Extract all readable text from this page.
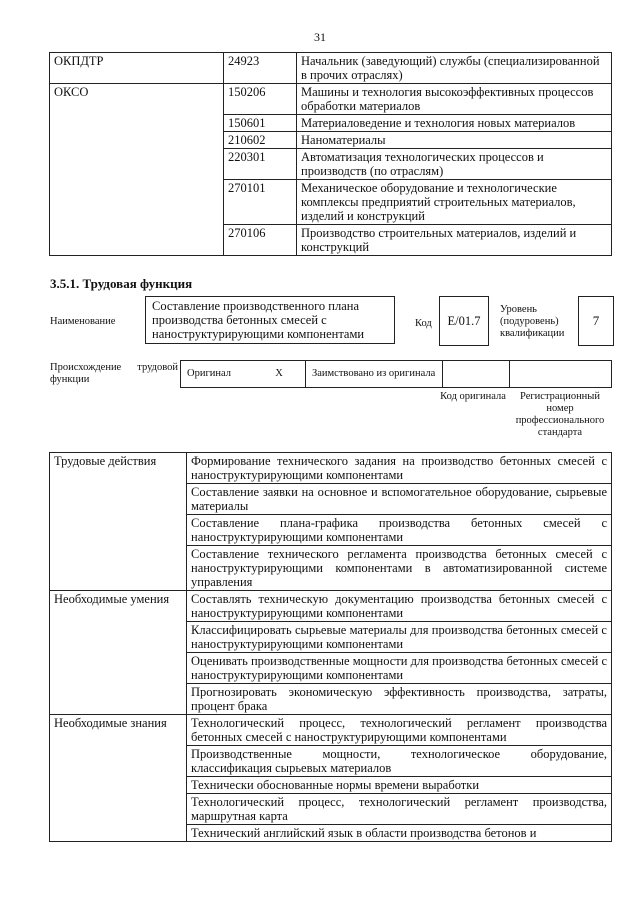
31
ОКПДТР	24923	Начальник (заведующий) службы (специализированной в прочих отраслях)
ОКСО	150206	Машины и технология высокоэффективных процессов обработки материалов
	150601	Материаловедение и технология новых материалов
	210602	Наноматериалы
	220301	Автоматизация технологических процессов и производств (по отраслям)
	270101	Механическое оборудование и технологические комплексы предприятий строительных материалов, изделий и конструкций
	270106	Производство строительных материалов, изделий и конструкций
3.5.1. Трудовая функция
Наименование
Составление производственного плана производства бетонных смесей с наноструктурирующими компонентами
Код	E/01.7
Уровень (подуровень) квалификации
7
Происхождение трудовой функции
Оригинал	X	Заимствовано из оригинала		
Код оригинала	Регистрационный номер профессионального стандарта
Трудовые действия	Формирование технического задания на производство бетонных смесей с наноструктурирующими компонентами
	Составление заявки на основное и вспомогательное оборудование, сырьевые материалы
	Составление плана-графика производства бетонных смесей с наноструктурирующими компонентами
	Составление технического регламента производства бетонных смесей с наноструктурирующими компонентами в автоматизированной системе управления
Необходимые умения	Составлять техническую документацию производства бетонных смесей с наноструктурирующими компонентами
	Классифицировать сырьевые материалы для производства бетонных смесей с наноструктурирующими компонентами
	Оценивать производственные мощности для производства бетонных смесей с наноструктурирующими компонентами
	Прогнозировать экономическую эффективность производства, затраты, процент брака
Необходимые знания	Технологический процесс, технологический регламент производства бетонных смесей с наноструктурирующими компонентами
	Производственные мощности, технологическое оборудование, классификация сырьевых материалов
	Технически обоснованные нормы времени выработки
	Технологический процесс, технологический регламент производства, маршрутная карта
	Технический английский язык в области производства бетонов и
